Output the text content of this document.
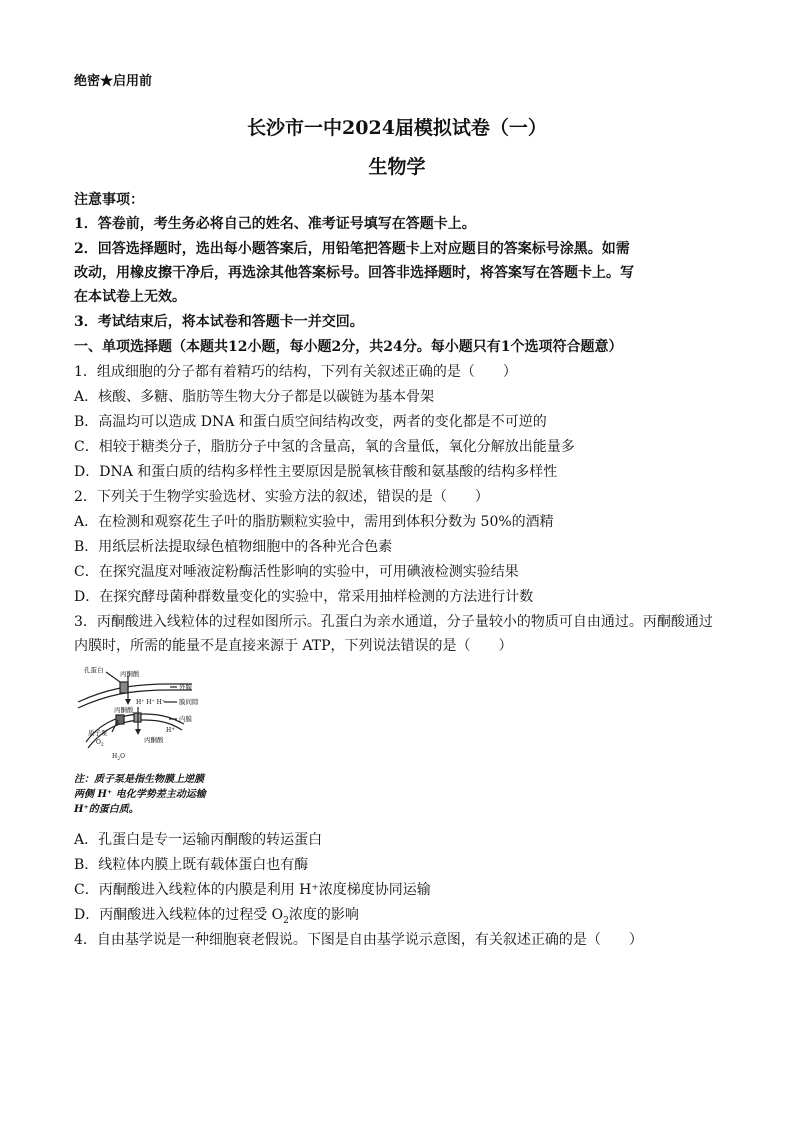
绝密★启用前
长沙市一中2024届模拟试卷（一）
生物学
注意事项：
1．答卷前，考生务必将自己的姓名、准考证号填写在答题卡上。
2．回答选择题时，选出每小题答案后，用铅笔把答题卡上对应题目的答案标号涂黑。如需
改动，用橡皮擦干净后，再选涂其他答案标号。回答非选择题时，将答案写在答题卡上。写
在本试卷上无效。
3．考试结束后，将本试卷和答题卡一并交回。
一、单项选择题（本题共12小题，每小题2分，共24分。每小题只有1个选项符合题意）
1．组成细胞的分子都有着精巧的结构，下列有关叙述正确的是（　　）
A．核酸、多糖、脂肪等生物大分子都是以碳链为基本骨架
B．高温均可以造成 DNA 和蛋白质空间结构改变，两者的变化都是不可逆的
C．相较于糖类分子，脂肪分子中氢的含量高，氧的含量低，氧化分解放出能量多
D．DNA 和蛋白质的结构多样性主要原因是脱氧核苷酸和氨基酸的结构多样性
2．下列关于生物学实验选材、实验方法的叙述，错误的是（　　）
A．在检测和观察花生子叶的脂肪颗粒实验中，需用到体积分数为 50%的酒精
B．用纸层析法提取绿色植物细胞中的各种光合色素
C．在探究温度对唾液淀粉酶活性影响的实验中，可用碘液检测实验结果
D．在探究酵母菌种群数量变化的实验中，常采用抽样检测的方法进行计数
3．丙酮酸进入线粒体的过程如图所示。孔蛋白为亲水通道，分子量较小的物质可自由通过。丙酮酸通过
内膜时，所需的能量不是直接来源于 ATP，下列说法错误的是（　　）
孔蛋白	丙酮酸
外膜
膜间隙
内膜
丙酮酸
H⁺ H⁺ H⁺
质子泵
丙酮酸
H+
$O_2$
$H_2O$
注：质子泵是指生物膜上逆膜
两侧 H⁺ 电化学势差主动运输
H⁺的蛋白质。
A．孔蛋白是专一运输丙酮酸的转运蛋白
B．线粒体内膜上既有载体蛋白也有酶
C．丙酮酸进入线粒体的内膜是利用 H⁺浓度梯度协同运输
D．丙酮酸进入线粒体的过程受 $O_2$浓度的影响
4．自由基学说是一种细胞衰老假说。下图是自由基学说示意图，有关叙述正确的是（　　）
